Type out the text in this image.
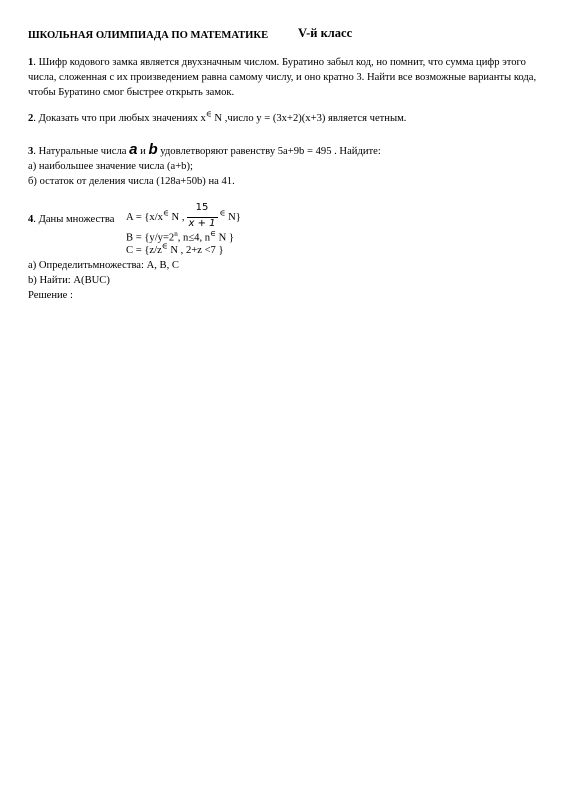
ШКОЛЬНАЯ ОЛИМПИАДА ПО МАТЕМАТИКЕ V-й класс
1. Шифр кодового замка является двухзначным числом. Буратино забыл код, но помнит, что сумма цифр этого
числа, сложенная с их произведением равна самому числу, и оно кратно 3. Найти все возможные варианты кода,
чтобы Буратино смог быстрее открыть замок.
2. Доказать что при любых значениях x∈ N ,число у = (3x+2)(x+3) является четным.
3. Натуральные числа a и b удовлетворяют равенству 5a+9b = 495 . Найдите:
а) наибольшее значение числа (a+b);
б) остаток от деления числа (128a+50b) на 41.
4. Даны множества A = {x/x∈ N , $\frac{15}{x + 1} ^\in$ N}
$B = \{y/y=2^n$, n≤4, n∈ N }
C = {z/z∈ N , 2+z <7 }
а) Определитьмножества: A, B, C
b) Найти: A(BUC)
Решение :
